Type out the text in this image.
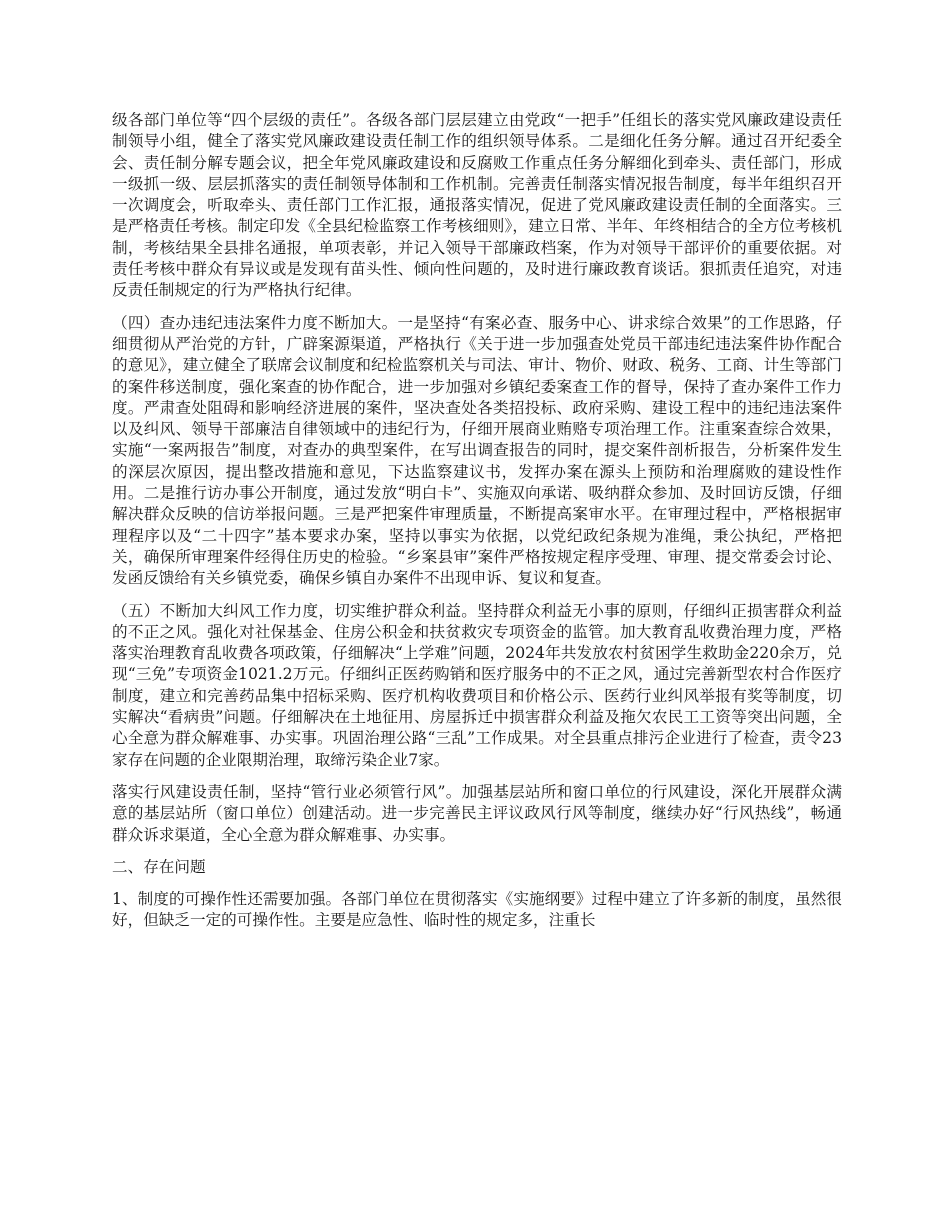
级各部门单位等“四个层级的责任”。各级各部门层层建立由党政“一把手”任组长的落实党风廉政建设责任制领导小组，健全了落实党风廉政建设责任制工作的组织领导体系。二是细化任务分解。通过召开纪委全会、责任制分解专题会议，把全年党风廉政建设和反腐败工作重点任务分解细化到牵头、责任部门，形成一级抓一级、层层抓落实的责任制领导体制和工作机制。完善责任制落实情况报告制度，每半年组织召开一次调度会，听取牵头、责任部门工作汇报，通报落实情况，促进了党风廉政建设责任制的全面落实。三是严格责任考核。制定印发《全县纪检监察工作考核细则》，建立日常、半年、年终相结合的全方位考核机制，考核结果全县排名通报，单项表彰，并记入领导干部廉政档案，作为对领导干部评价的重要依据。对责任考核中群众有异议或是发现有苗头性、倾向性问题的，及时进行廉政教育谈话。狠抓责任追究，对违反责任制规定的行为严格执行纪律。

（四）查办违纪违法案件力度不断加大。一是坚持“有案必查、服务中心、讲求综合效果”的工作思路，仔细贯彻从严治党的方针，广辟案源渠道，严格执行《关于进一步加强查处党员干部违纪违法案件协作配合的意见》，建立健全了联席会议制度和纪检监察机关与司法、审计、物价、财政、税务、工商、计生等部门的案件移送制度，强化案查的协作配合，进一步加强对乡镇纪委案查工作的督导，保持了查办案件工作力度。严肃查处阻碍和影响经济进展的案件，坚决查处各类招投标、政府采购、建设工程中的违纪违法案件以及纠风、领导干部廉洁自律领域中的违纪行为，仔细开展商业贿赂专项治理工作。注重案查综合效果，实施“一案两报告”制度，对查办的典型案件，在写出调查报告的同时，提交案件剖析报告，分析案件发生的深层次原因，提出整改措施和意见，下达监察建议书，发挥办案在源头上预防和治理腐败的建设性作用。二是推行访办事公开制度，通过发放“明白卡”、实施双向承诺、吸纳群众参加、及时回访反馈，仔细解决群众反映的信访举报问题。三是严把案件审理质量，不断提高案审水平。在审理过程中，严格根据审理程序以及“二十四字”基本要求办案，坚持以事实为依据，以党纪政纪条规为准绳，秉公执纪，严格把关，确保所审理案件经得住历史的检验。“乡案县审”案件严格按规定程序受理、审理、提交常委会讨论、发函反馈给有关乡镇党委，确保乡镇自办案件不出现申诉、复议和复查。

（五）不断加大纠风工作力度，切实维护群众利益。坚持群众利益无小事的原则，仔细纠正损害群众利益的不正之风。强化对社保基金、住房公积金和扶贫救灾专项资金的监管。加大教育乱收费治理力度，严格落实治理教育乱收费各项政策，仔细解决“上学难”问题，2024年共发放农村贫困学生救助金220余万，兑现“三免”专项资金1021.2万元。仔细纠正医药购销和医疗服务中的不正之风，通过完善新型农村合作医疗制度，建立和完善药品集中招标采购、医疗机构收费项目和价格公示、医药行业纠风举报有奖等制度，切实解决“看病贵”问题。仔细解决在土地征用、房屋拆迁中损害群众利益及拖欠农民工工资等突出问题，全心全意为群众解难事、办实事。巩固治理公路“三乱”工作成果。对全县重点排污企业进行了检查，责令23家存在问题的企业限期治理，取缔污染企业7家。

落实行风建设责任制，坚持“管行业必须管行风”。加强基层站所和窗口单位的行风建设，深化开展群众满意的基层站所（窗口单位）创建活动。进一步完善民主评议政风行风等制度，继续办好“行风热线”，畅通群众诉求渠道，全心全意为群众解难事、办实事。

二、存在问题

1、制度的可操作性还需要加强。各部门单位在贯彻落实《实施纲要》过程中建立了许多新的制度，虽然很好，但缺乏一定的可操作性。主要是应急性、临时性的规定多，注重长
